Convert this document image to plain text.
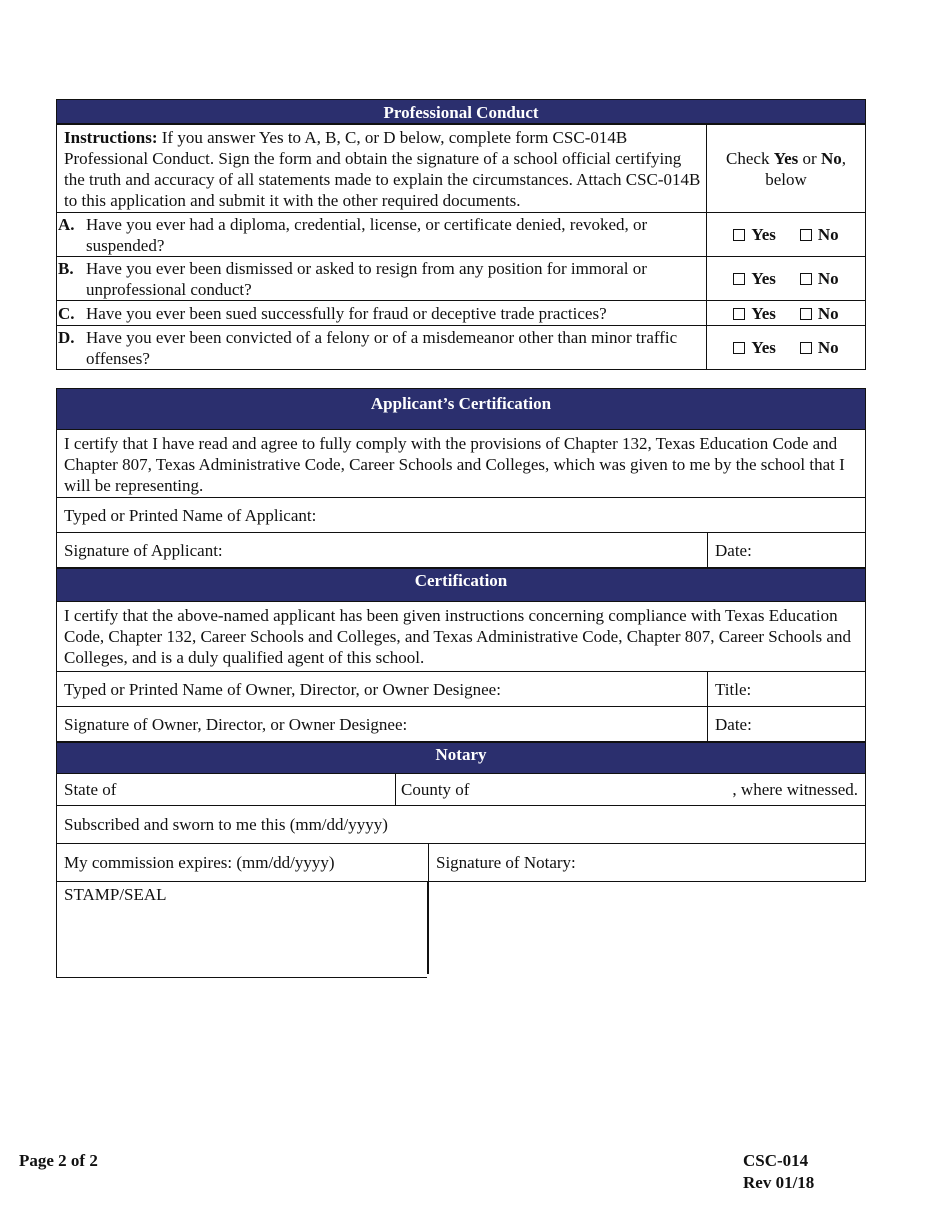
Professional Conduct
Instructions: If you answer Yes to A, B, C, or D below, complete form CSC-014B Professional Conduct. Sign the form and obtain the signature of a school official certifying the truth and accuracy of all statements made to explain the circumstances. Attach CSC-014B to this application and submit it with the other required documents.	Check Yes or No,
below

A. Have you ever had a diploma, credential, license, or certificate denied, revoked, or suspended?	Yes No

B. Have you ever been dismissed or asked to resign from any position for immoral or unprofessional conduct?	Yes No

C. Have you ever been sued successfully for fraud or deceptive trade practices?	Yes No

D. Have you ever been convicted of a felony or of a misdemeanor other than minor traffic offenses?	Yes No
Applicant’s Certification
I certify that I have read and agree to fully comply with the provisions of Chapter 132, Texas Education Code and Chapter 807, Texas Administrative Code, Career Schools and Colleges, which was given to me by the school that I will be representing.
Typed or Printed Name of Applicant:
Signature of Applicant:	Date:
Certification
I certify that the above-named applicant has been given instructions concerning compliance with Texas Education Code, Chapter 132, Career Schools and Colleges, and Texas Administrative Code, Chapter 807, Career Schools and Colleges, and is a duly qualified agent of this school.
Typed or Printed Name of Owner, Director, or Owner Designee:	Title:
Signature of Owner, Director, or Owner Designee:	Date:
Notary
State of	County of	, where witnessed.
Subscribed and sworn to me this (mm/dd/yyyy)
My commission expires: (mm/dd/yyyy)	Signature of Notary:
STAMP/SEAL
Page 2 of 2	CSC-014
Rev 01/18
